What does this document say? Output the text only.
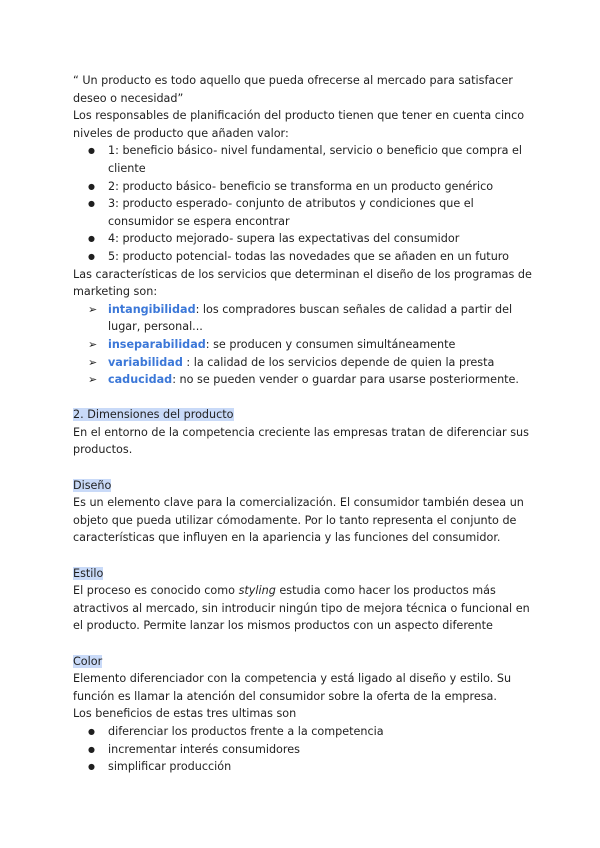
“ Un producto es todo aquello que pueda ofrecerse al mercado para satisfacer deseo o necesidad”

Los responsables de planificación del producto tienen que tener en cuenta cinco niveles de producto que añaden valor:

● 1: beneficio básico- nivel fundamental, servicio o beneficio que compra el cliente
● 2: producto básico- beneficio se transforma en un producto genérico
● 3: producto esperado- conjunto de atributos y condiciones que el consumidor se espera encontrar
● 4: producto mejorado- supera las expectativas del consumidor
● 5: producto potencial- todas las novedades que se añaden en un futuro

Las características de los servicios que determinan el diseño de los programas de marketing son:

➢ intangibilidad: los compradores buscan señales de calidad a partir del lugar, personal...
➢ inseparabilidad: se producen y consumen simultáneamente
➢ variabilidad : la calidad de los servicios depende de quien la presta
➢ caducidad: no se pueden vender o guardar para usarse posteriormente.

2. Dimensiones del producto

En el entorno de la competencia creciente las empresas tratan de diferenciar sus productos.

Diseño

Es un elemento clave para la comercialización. El consumidor también desea un objeto que pueda utilizar cómodamente. Por lo tanto representa el conjunto de características que influyen en la apariencia y las funciones del consumidor.

Estilo

El proceso es conocido como styling estudia como hacer los productos más atractivos al mercado, sin introducir ningún tipo de mejora técnica o funcional en el producto. Permite lanzar los mismos productos con un aspecto diferente

Color

Elemento diferenciador con la competencia y está ligado al diseño y estilo. Su función es llamar la atención del consumidor sobre la oferta de la empresa.

Los beneficios de estas tres ultimas son

● diferenciar los productos frente a la competencia
● incrementar interés consumidores
● simplificar producción
